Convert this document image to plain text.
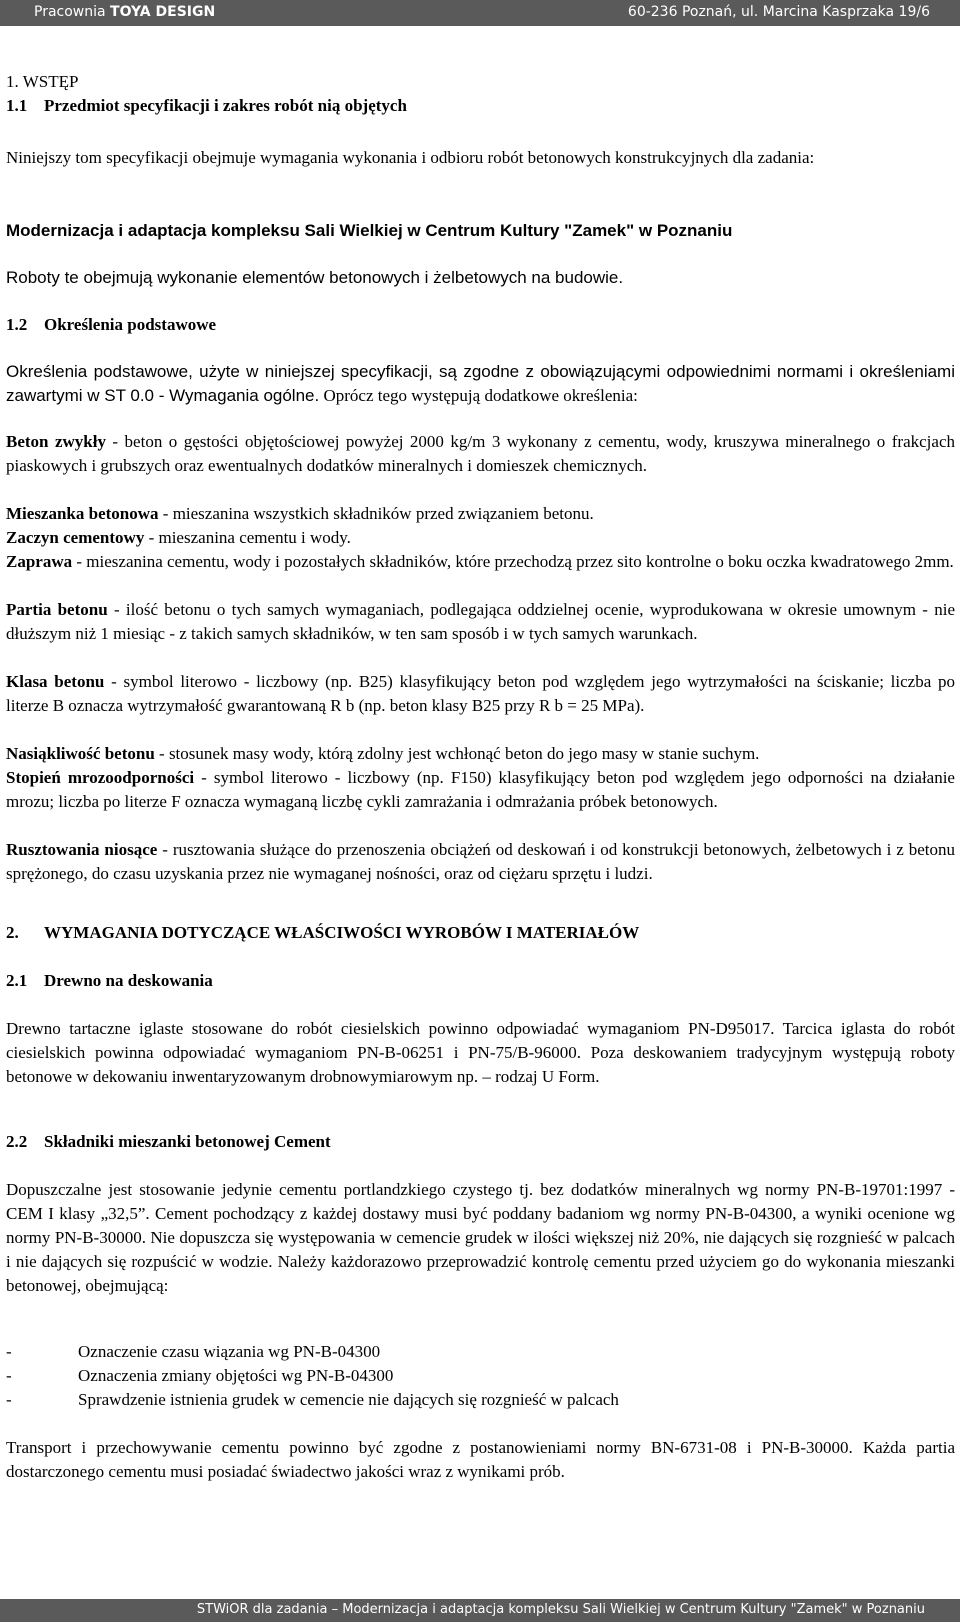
Pracownia TOYA DESIGN	60-236 Poznań, ul. Marcina Kasprzaka 19/6
1. WSTĘP
1.1 Przedmiot specyfikacji i zakres robót nią objętych
Niniejszy tom specyfikacji obejmuje wymagania wykonania i odbioru robót betonowych konstrukcyjnych dla zadania:
Modernizacja i adaptacja kompleksu Sali Wielkiej w Centrum Kultury "Zamek" w Poznaniu
Roboty te obejmują wykonanie elementów betonowych i żelbetowych na budowie.
1.2 Określenia podstawowe
Określenia podstawowe, użyte w niniejszej specyfikacji, są zgodne z obowiązującymi odpowiednimi normami i określeniami zawartymi w ST 0.0 - Wymagania ogólne. Oprócz tego występują dodatkowe określenia:
Beton zwykły - beton o gęstości objętościowej powyżej 2000 kg/m 3 wykonany z cementu, wody, kruszywa mineralnego o frakcjach piaskowych i grubszych oraz ewentualnych dodatków mineralnych i domieszek chemicznych.
Mieszanka betonowa - mieszanina wszystkich składników przed związaniem betonu.
Zaczyn cementowy - mieszanina cementu i wody.
Zaprawa - mieszanina cementu, wody i pozostałych składników, które przechodzą przez sito kontrolne o boku oczka kwadratowego 2mm.
Partia betonu - ilość betonu o tych samych wymaganiach, podlegająca oddzielnej ocenie, wyprodukowana w okresie umownym - nie dłuższym niż 1 miesiąc - z takich samych składników, w ten sam sposób i w tych samych warunkach.
Klasa betonu - symbol literowo - liczbowy (np. B25) klasyfikujący beton pod względem jego wytrzymałości na ściskanie; liczba po literze B oznacza wytrzymałość gwarantowaną R b (np. beton klasy B25 przy R b = 25 MPa).
Nasiąkliwość betonu - stosunek masy wody, którą zdolny jest wchłonąć beton do jego masy w stanie suchym.
Stopień mrozoodporności - symbol literowo - liczbowy (np. F150) klasyfikujący beton pod względem jego odporności na działanie mrozu; liczba po literze F oznacza wymaganą liczbę cykli zamrażania i odmrażania próbek betonowych.
Rusztowania niosące - rusztowania służące do przenoszenia obciążeń od deskowań i od konstrukcji betonowych, żelbetowych i z betonu sprężonego, do czasu uzyskania przez nie wymaganej nośności, oraz od ciężaru sprzętu i ludzi.
2. WYMAGANIA DOTYCZĄCE WŁAŚCIWOŚCI WYROBÓW I MATERIAŁÓW
2.1 Drewno na deskowania
Drewno tartaczne iglaste stosowane do robót ciesielskich powinno odpowiadać wymaganiom PN-D95017. Tarcica iglasta do robót ciesielskich powinna odpowiadać wymaganiom PN-B-06251 i PN-75/B-96000. Poza deskowaniem tradycyjnym występują roboty betonowe w dekowaniu inwentaryzowanym drobnowymiarowym np. – rodzaj U Form.
2.2 Składniki mieszanki betonowej Cement
Dopuszczalne jest stosowanie jedynie cementu portlandzkiego czystego tj. bez dodatków mineralnych wg normy PN-B-19701:1997 - CEM I klasy „32,5”. Cement pochodzący z każdej dostawy musi być poddany badaniom wg normy PN-B-04300, a wyniki ocenione wg normy PN-B-30000. Nie dopuszcza się występowania w cemencie grudek w ilości większej niż 20%, nie dających się rozgnieść w palcach i nie dających się rozpuścić w wodzie. Należy każdorazowo przeprowadzić kontrolę cementu przed użyciem go do wykonania mieszanki betonowej, obejmującą:
-	Oznaczenie czasu wiązania wg PN-B-04300
-	Oznaczenia zmiany objętości wg PN-B-04300
-	Sprawdzenie istnienia grudek w cemencie nie dających się rozgnieść w palcach
Transport i przechowywanie cementu powinno być zgodne z postanowieniami normy BN-6731-08 i PN-B-30000. Każda partia dostarczonego cementu musi posiadać świadectwo jakości wraz z wynikami prób.
STWiOR dla zadania – Modernizacja i adaptacja kompleksu Sali Wielkiej w Centrum Kultury "Zamek" w Poznaniu
